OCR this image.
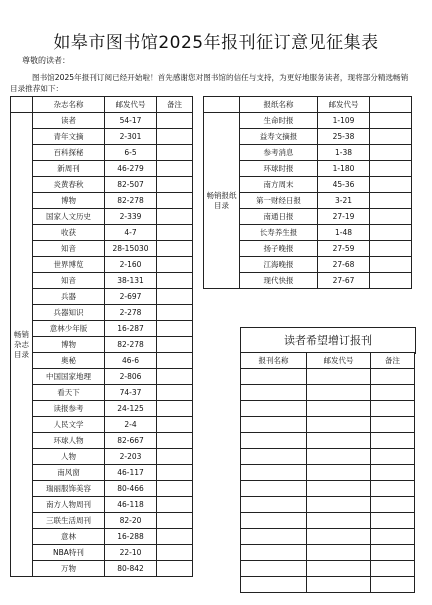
如皋市图书馆2025年报刊征订意见征集表
尊敬的读者：

图书馆2025年报刊订阅已经开始啦！首先感谢您对图书馆的信任与支持，为更好地服务读者，现将部分精选畅销目录推荐如下：

	杂志名称	邮发代号	备注
畅销杂志目录	读者	54-17	
	青年文摘	2-301	
	百科探秘	6-5	
	新周刊	46-279	
	炎黄春秋	82-507	
	博物	82-278	
	国家人文历史	2-339	
	收获	4-7	
	知音	28-15030	
	世界博览	2-160	
	知音	38-131	
	兵器	2-697	
	兵器知识	2-278	
	意林少年版	16-287	
	博物	82-278	
	奥秘	46-6	
	中国国家地理	2-806	
	看天下	74-37	
	读报参考	24-125	
	人民文学	2-4	
	环球人物	82-667	
	人物	2-203	
	南风窗	46-117	
	瑞丽服饰美容	80-466	
	南方人物周刊	46-118	
	三联生活周刊	82-20	
	意林	16-288	
	NBA特刊	22-10	
	万物	80-842	
	报纸名称	邮发代号	
畅销报纸目录	生命时报	1-109	
	益寿文摘报	25-38	
	参考消息	1-38	
	环球时报	1-180	
	南方周末	45-36	
	第一财经日报	3-21	
	南通日报	27-19	
	长寿养生报	1-48	
	扬子晚报	27-59	
	江海晚报	27-68	
	现代快报	27-67	
读者希望增订报刊
报刊名称	邮发代号	备注
